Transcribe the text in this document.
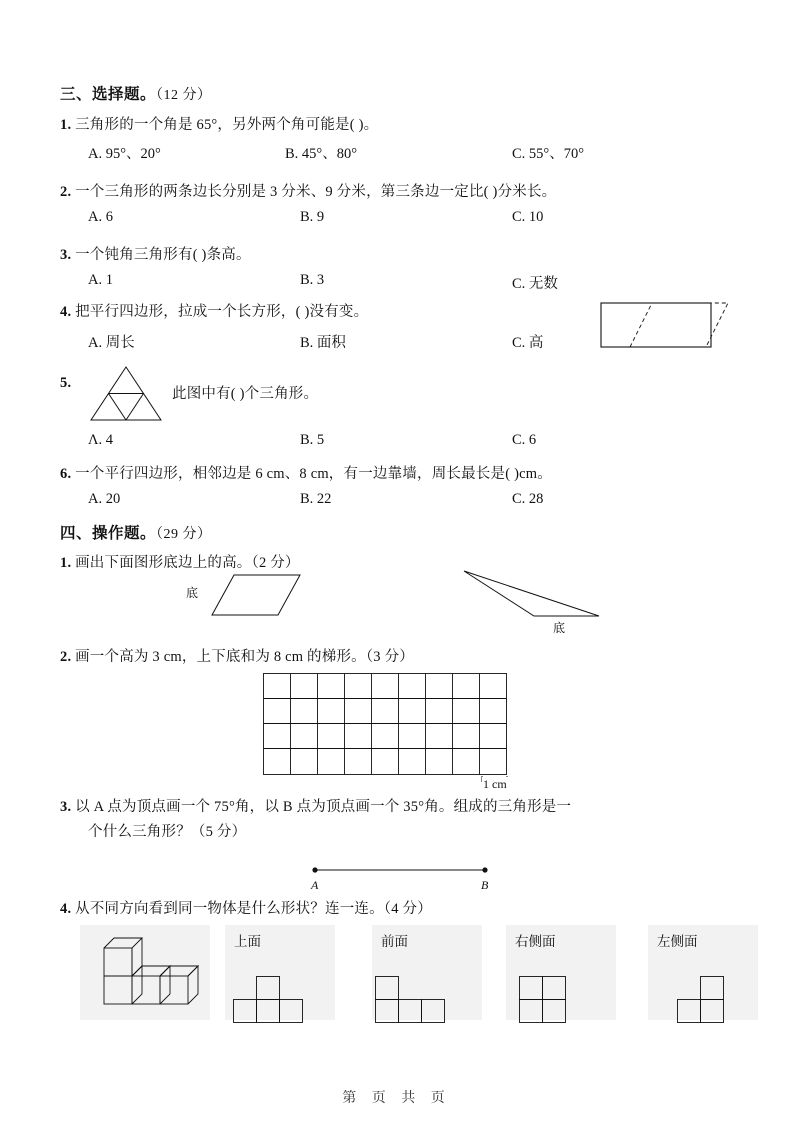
三、选择题。（12 分）
1. 三角形的一个角是 65°，另外两个角可能是( )。
A. 95°、20°	B. 45°、80°	C. 55°、70°
2. 一个三角形的两条边长分别是 3 分米、9 分米，第三条边一定比( )分米长。
A. 6	B. 9	C. 10
3. 一个钝角三角形有( )条高。
A. 1	B. 3	C. 无数
4. 把平行四边形，拉成一个长方形，( )没有变。
A. 周长	B. 面积	C. 高
5.
此图中有( )个三角形。
Λ. 4	B. 5	C. 6
6. 一个平行四边形，相邻边是 6 cm、8 cm，有一边靠墙，周长最长是( )cm。
A. 20	B. 22	C. 28
四、操作题。（29 分）
1. 画出下面图形底边上的高。（2 分）
底
底
2. 画一个高为 3 cm，上下底和为 8 cm 的梯形。（3 分）
1 cm
3. 以 A 点为顶点画一个 75°角，以 B 点为顶点画一个 35°角。组成的三角形是一
个什么三角形？（5 分）
A	B
4. 从不同方向看到同一物体是什么形状？连一连。（4 分）
上面	前面	右侧面	左侧面
第 页 共 页
